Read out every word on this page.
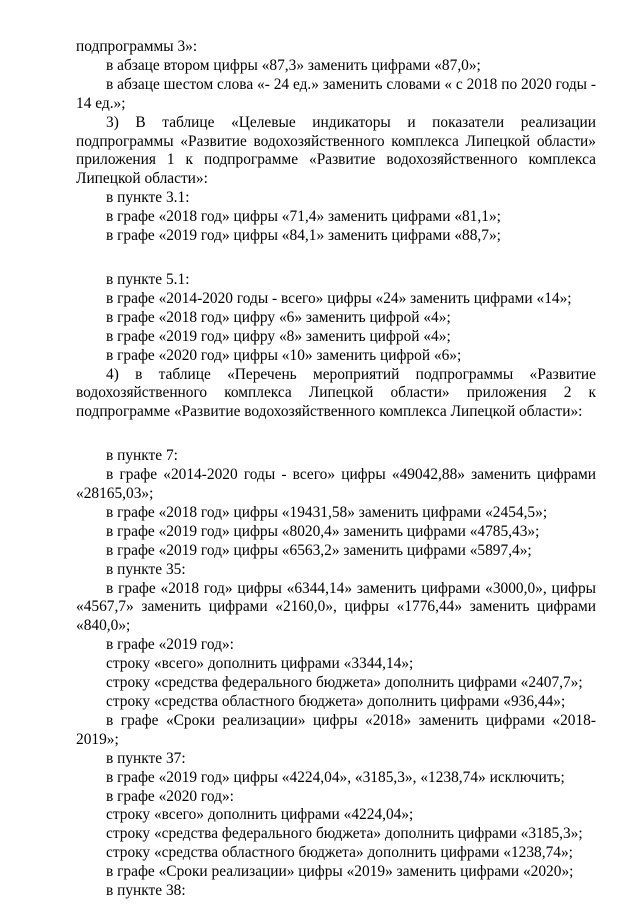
подпрограммы 3»:

в абзаце втором цифры «87,3» заменить цифрами «87,0»;

в абзаце шестом слова «- 24 ед.» заменить словами « с 2018 по 2020 годы - 14 ед.»;

3) В таблице «Целевые индикаторы и показатели реализации подпрограммы «Развитие водохозяйственного комплекса Липецкой области» приложения 1 к подпрограмме «Развитие водохозяйственного комплекса Липецкой области»:

в пункте 3.1:

в графе «2018 год» цифры «71,4» заменить цифрами «81,1»;

в графе «2019 год» цифры «84,1» заменить цифрами «88,7»;

в пункте 5.1:

в графе «2014-2020 годы - всего» цифры «24» заменить цифрами «14»;

в графе «2018 год» цифру «6» заменить цифрой «4»;

в графе «2019 год» цифру «8» заменить цифрой «4»;

в графе «2020 год» цифры «10» заменить цифрой «6»;

4) в таблице «Перечень мероприятий подпрограммы «Развитие водохозяйственного комплекса Липецкой области» приложения 2 к подпрограмме «Развитие водохозяйственного комплекса Липецкой области»:

в пункте 7:

в графе «2014-2020 годы - всего» цифры «49042,88» заменить цифрами «28165,03»;

в графе «2018 год» цифры «19431,58» заменить цифрами «2454,5»;

в графе «2019 год» цифры «8020,4» заменить цифрами «4785,43»;

в графе «2019 год» цифры «6563,2» заменить цифрами «5897,4»;

в пункте 35:

в графе «2018 год» цифры «6344,14» заменить цифрами «3000,0», цифры «4567,7» заменить цифрами «2160,0», цифры «1776,44» заменить цифрами «840,0»;

в графе «2019 год»:

строку «всего» дополнить цифрами «3344,14»;

строку «средства федерального бюджета» дополнить цифрами «2407,7»;

строку «средства областного бюджета» дополнить цифрами «936,44»;

в графе «Сроки реализации» цифры «2018» заменить цифрами «2018-2019»;

в пункте 37:

в графе «2019 год» цифры «4224,04», «3185,3», «1238,74» исключить;

в графе «2020 год»:

строку «всего» дополнить цифрами «4224,04»;

строку «средства федерального бюджета» дополнить цифрами «3185,3»;

строку «средства областного бюджета» дополнить цифрами «1238,74»;

в графе «Сроки реализации» цифры «2019» заменить цифрами «2020»;

в пункте 38:
